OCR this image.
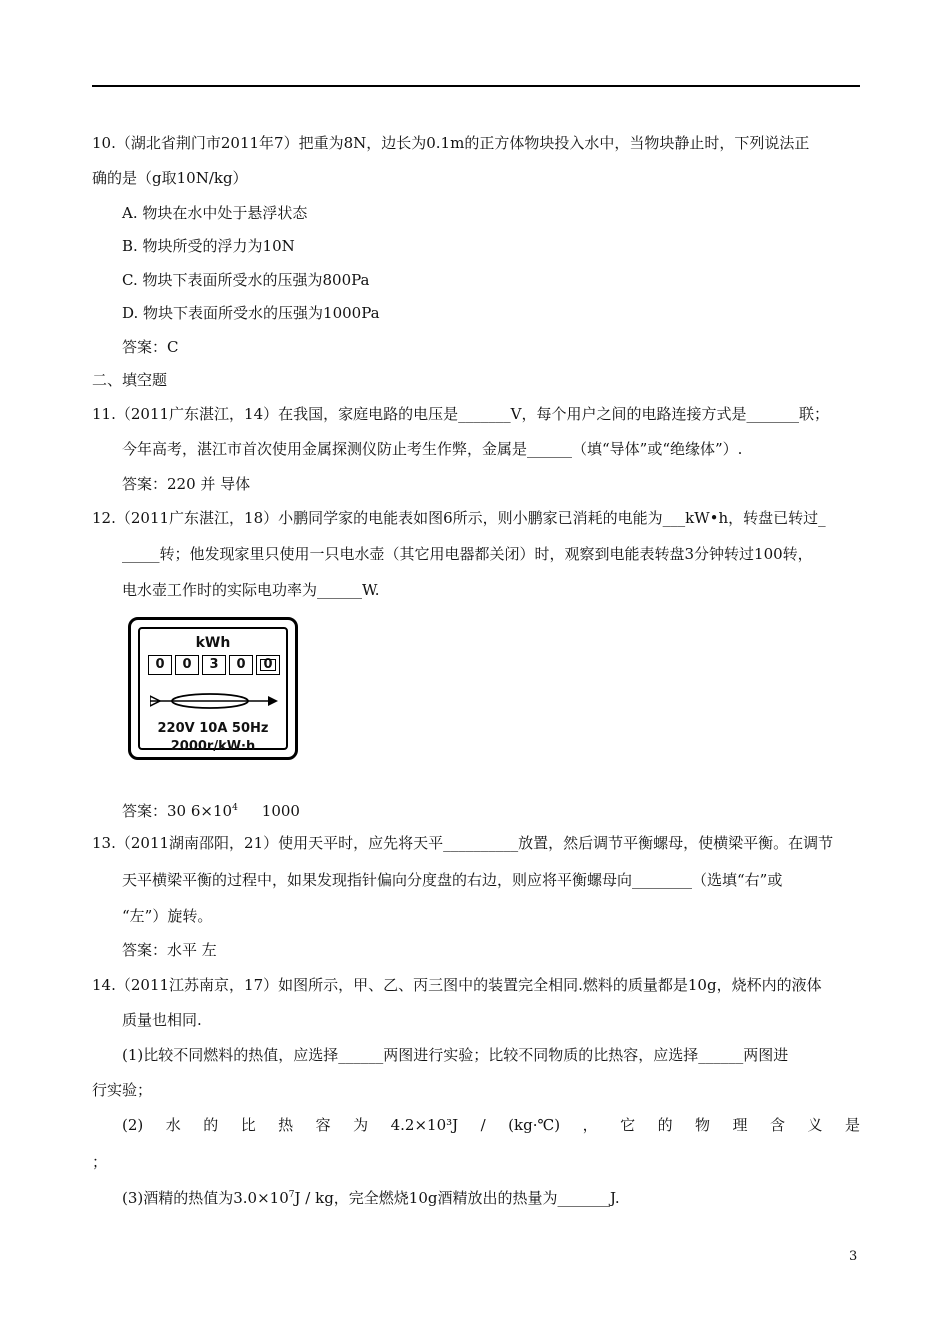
10.（湖北省荆门市2011年7）把重为8N，边长为0.1m的正方体物块投入水中，当物块静止时，下列说法正
确的是（g取10N/kg）
A. 物块在水中处于悬浮状态
B. 物块所受的浮力为10N
C. 物块下表面所受水的压强为800Pa
D. 物块下表面所受水的压强为1000Pa
答案：C
二、填空题
11.（2011广东湛江，14）在我国，家庭电路的电压是_______V，每个用户之间的电路连接方式是_______联；
今年高考，湛江市首次使用金属探测仪防止考生作弊，金属是______（填“导体”或“绝缘体”）.
答案：220 并 导体
12.（2011广东湛江，18）小鹏同学家的电能表如图6所示，则小鹏家已消耗的电能为___kW•h，转盘已转过_
_____转；他发现家里只使用一只电水壶（其它用电器都关闭）时，观察到电能表转盘3分钟转过100转，
电水壶工作时的实际电功率为______W.
kWh
0	0	3	0	0
220V 10A 50Hz
2000r/kW·h
答案：30 $6\times 10^4$ 1000
13.（2011湖南邵阳，21）使用天平时，应先将天平__________放置，然后调节平衡螺母，使横梁平衡。在调节
天平横梁平衡的过程中，如果发现指针偏向分度盘的右边，则应将平衡螺母向________（选填“右”或
“左”）旋转。
答案：水平 左
14.（2011江苏南京，17）如图所示，甲、乙、丙三图中的装置完全相同.燃料的质量都是10g，烧杯内的液体
质量也相同.
(1)比较不同燃料的热值，应选择______两图进行实验；比较不同物质的比热容，应选择______两图进
行实验；
(2) 水 的 比 热 容 为 4.2×10³J / (kg·℃) ， 它 的 物 理 含 义 是
；
(3)酒精的热值为$3.0\times 10^7J$ / kg，完全燃烧10g酒精放出的热量为_______J.
3
